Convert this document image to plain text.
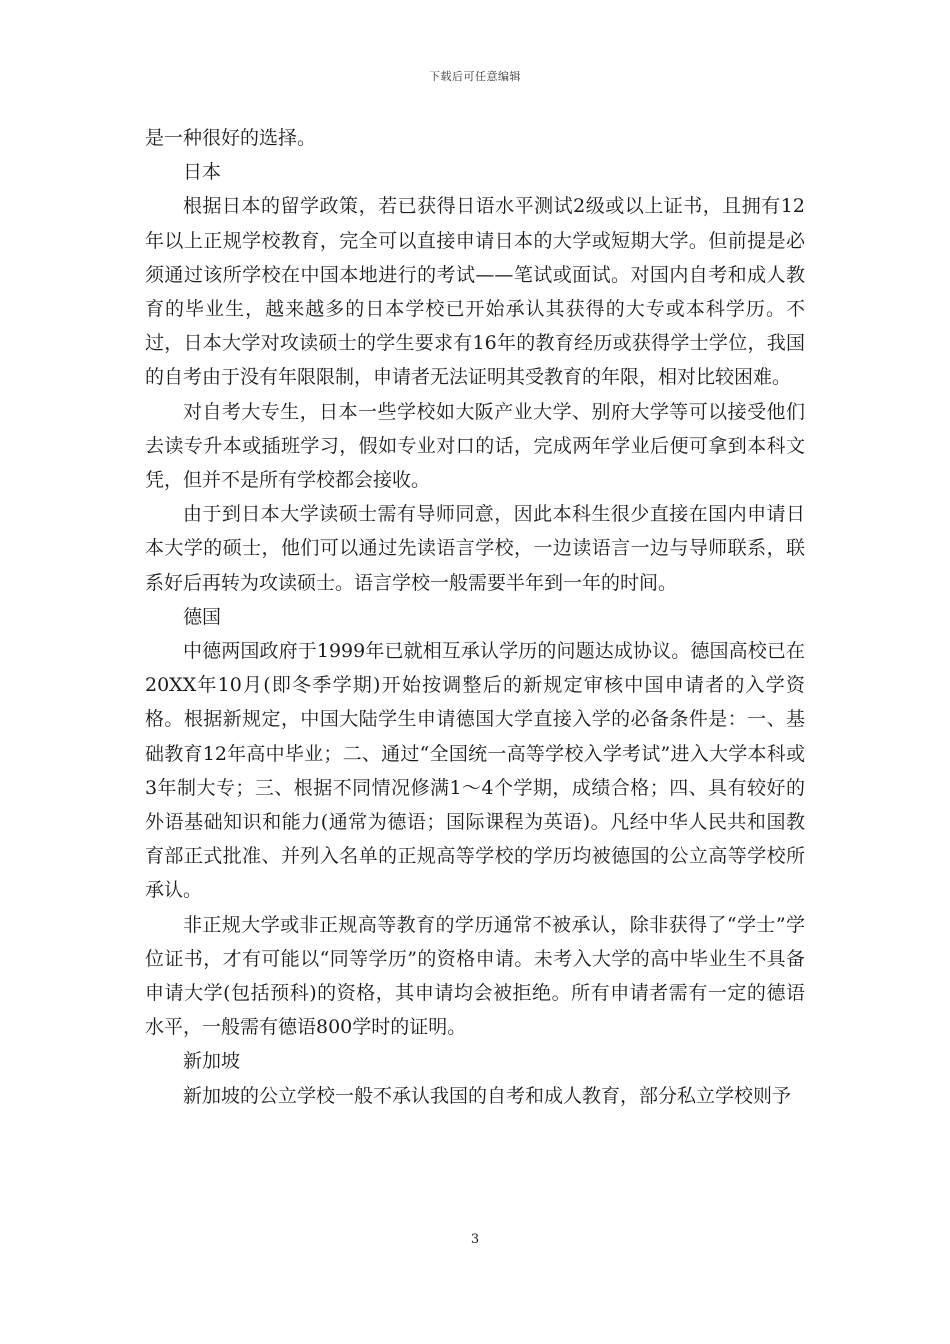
下载后可任意编辑

是一种很好的选择。

日本

根据日本的留学政策，若已获得日语水平测试2级或以上证书，且拥有12年以上正规学校教育，完全可以直接申请日本的大学或短期大学。但前提是必须通过该所学校在中国本地进行的考试——笔试或面试。对国内自考和成人教育的毕业生，越来越多的日本学校已开始承认其获得的大专或本科学历。不过，日本大学对攻读硕士的学生要求有16年的教育经历或获得学士学位，我国的自考由于没有年限限制，申请者无法证明其受教育的年限，相对比较困难。

对自考大专生，日本一些学校如大阪产业大学、别府大学等可以接受他们去读专升本或插班学习，假如专业对口的话，完成两年学业后便可拿到本科文凭，但并不是所有学校都会接收。

由于到日本大学读硕士需有导师同意，因此本科生很少直接在国内申请日本大学的硕士，他们可以通过先读语言学校，一边读语言一边与导师联系，联系好后再转为攻读硕士。语言学校一般需要半年到一年的时间。

德国

中德两国政府于1999年已就相互承认学历的问题达成协议。德国高校已在20XX年10月(即冬季学期)开始按调整后的新规定审核中国申请者的入学资格。根据新规定，中国大陆学生申请德国大学直接入学的必备条件是：一、基础教育12年高中毕业；二、通过“全国统一高等学校入学考试”进入大学本科或3年制大专；三、根据不同情况修满1～4个学期，成绩合格；四、具有较好的外语基础知识和能力(通常为德语；国际课程为英语)。凡经中华人民共和国教育部正式批准、并列入名单的正规高等学校的学历均被德国的公立高等学校所承认。

非正规大学或非正规高等教育的学历通常不被承认，除非获得了“学士”学位证书，才有可能以“同等学历”的资格申请。未考入大学的高中毕业生不具备申请大学(包括预科)的资格，其申请均会被拒绝。所有申请者需有一定的德语水平，一般需有德语800学时的证明。

新加坡

新加坡的公立学校一般不承认我国的自考和成人教育，部分私立学校则予

3
